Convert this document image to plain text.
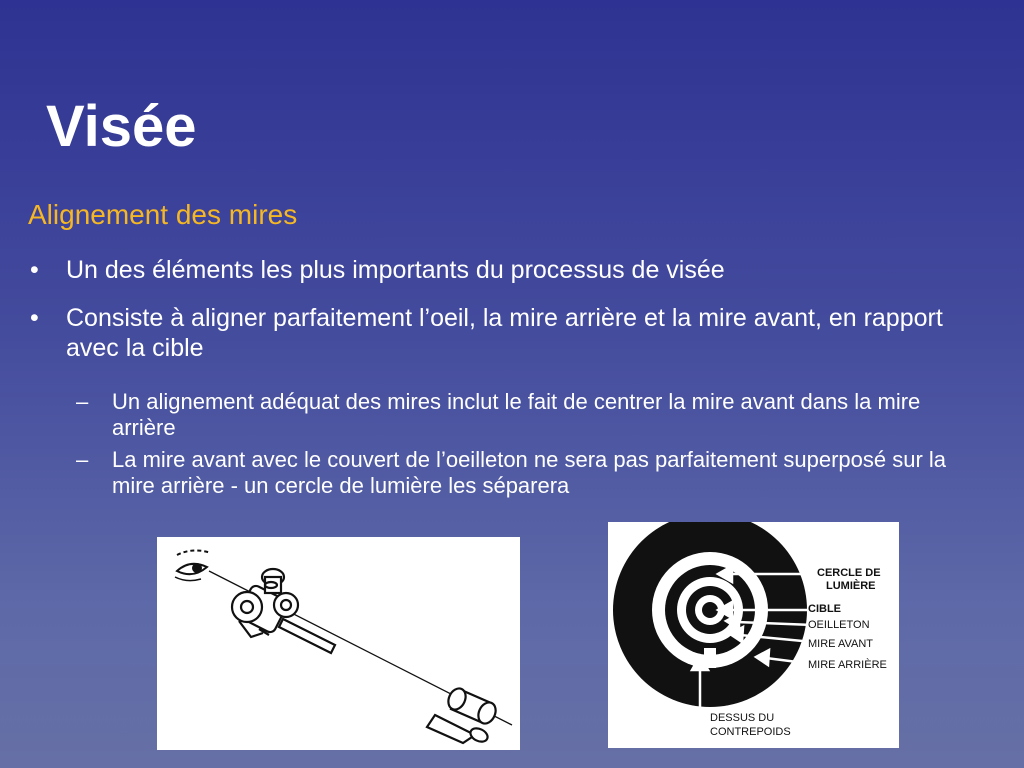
Visée
Alignement des mires
• Un des éléments les plus importants du processus de visée
• Consiste à aligner parfaitement l’oeil, la mire arrière et la mire avant, en rapport avec la cible
– Un alignement adéquat des mires inclut le fait de centrer la mire avant dans la mire arrière
– La mire avant avec le couvert de l’oeilleton ne sera pas parfaitement superposé sur la mire arrière - un cercle de lumière les séparera
CERCLE DE
LUMIÈRE
CIBLE
OEILLETON
MIRE AVANT
MIRE ARRIÈRE
DESSUS DU
CONTREPOIDS
